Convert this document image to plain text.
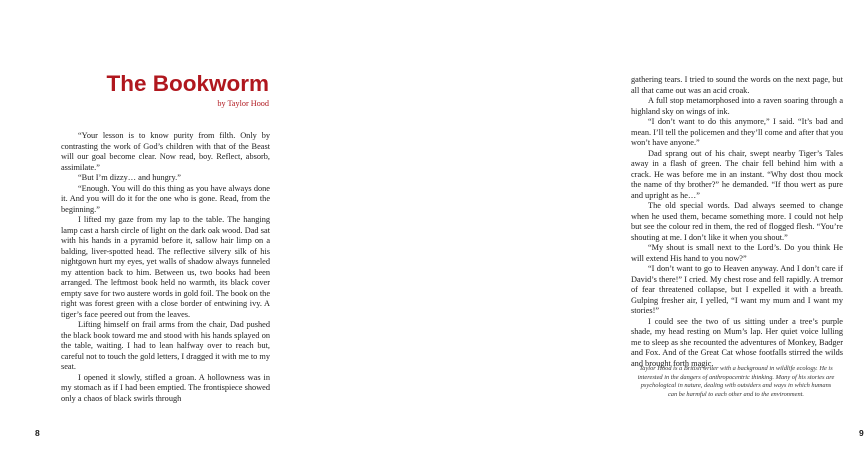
The Bookworm
by Taylor Hood

“Your lesson is to know purity from filth. Only by contrasting the work of God’s children with that of the Beast will our goal become clear. Now read, boy. Reflect, absorb, assimilate.”

“But I’m dizzy… and hungry.”

“Enough. You will do this thing as you have always done it. And you will do it for the one who is gone. Read, from the beginning.”

I lifted my gaze from my lap to the table. The hanging lamp cast a harsh circle of light on the dark oak wood. Dad sat with his hands in a pyramid before it, sallow hair limp on a balding, liver-spotted head. The reflective silvery silk of his nightgown hurt my eyes, yet walls of shadow always funneled my attention back to him. Between us, two books had been arranged. The leftmost book held no warmth, its black cover empty save for two austere words in gold foil. The book on the right was forest green with a close border of entwining ivy. A tiger’s face peered out from the leaves.

Lifting himself on frail arms from the chair, Dad pushed the black book toward me and stood with his hands splayed on the table, waiting. I had to lean halfway over to reach but, careful not to touch the gold letters, I dragged it with me to my seat.

I opened it slowly, stifled a groan. A hollowness was in my stomach as if I had been emptied. The frontispiece showed only a chaos of black swirls through

8

gathering tears. I tried to sound the words on the next page, but all that came out was an acid croak.

A full stop metamorphosed into a raven soaring through a highland sky on wings of ink.

“I don’t want to do this anymore,” I said. “It’s bad and mean. I’ll tell the policemen and they’ll come and after that you won’t have anyone.”

Dad sprang out of his chair, swept nearby Tiger’s Tales away in a flash of green. The chair fell behind him with a crack. He was before me in an instant. “Why dost thou mock the name of thy brother?” he demanded. “If thou wert as pure and upright as he…”

The old special words. Dad always seemed to change when he used them, became something more. I could not help but see the colour red in them, the red of flogged flesh. “You’re shouting at me. I don’t like it when you shout.”

“My shout is small next to the Lord’s. Do you think He will extend His hand to you now?”

“I don’t want to go to Heaven anyway. And I don’t care if David’s there!” I cried. My chest rose and fell rapidly. A tremor of fear threatened collapse, but I expelled it with a breath. Gulping fresher air, I yelled, “I want my mum and I want my stories!”

I could see the two of us sitting under a tree’s purple shade, my head resting on Mum’s lap. Her quiet voice lulling me to sleep as she recounted the adventures of Monkey, Badger and Fox. And of the Great Cat whose footfalls stirred the wilds and brought forth magic.

Taylor Hood is a British writer with a background in wildlife ecology. He is interested in the dangers of anthropocentric thinking. Many of his stories are psychological in nature, dealing with outsiders and ways in which humans can be harmful to each other and to the environment.
9
